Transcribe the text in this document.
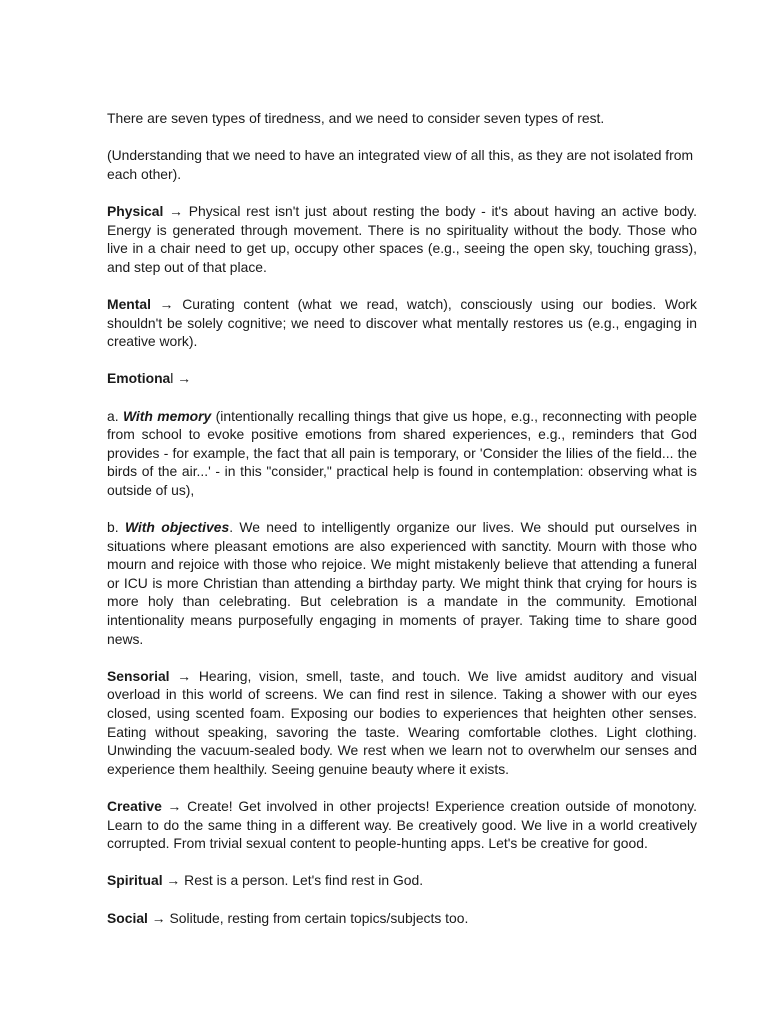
There are seven types of tiredness, and we need to consider seven types of rest.

(Understanding that we need to have an integrated view of all this, as they are not isolated from each other).

Physical → Physical rest isn't just about resting the body - it's about having an active body. Energy is generated through movement. There is no spirituality without the body. Those who live in a chair need to get up, occupy other spaces (e.g., seeing the open sky, touching grass), and step out of that place.

Mental → Curating content (what we read, watch), consciously using our bodies. Work shouldn't be solely cognitive; we need to discover what mentally restores us (e.g., engaging in creative work).

Emotional →

a. With memory (intentionally recalling things that give us hope, e.g., reconnecting with people from school to evoke positive emotions from shared experiences, e.g., reminders that God provides - for example, the fact that all pain is temporary, or 'Consider the lilies of the field... the birds of the air...' - in this "consider," practical help is found in contemplation: observing what is outside of us),

b. With objectives. We need to intelligently organize our lives. We should put ourselves in situations where pleasant emotions are also experienced with sanctity. Mourn with those who mourn and rejoice with those who rejoice. We might mistakenly believe that attending a funeral or ICU is more Christian than attending a birthday party. We might think that crying for hours is more holy than celebrating. But celebration is a mandate in the community. Emotional intentionality means purposefully engaging in moments of prayer. Taking time to share good news.

Sensorial → Hearing, vision, smell, taste, and touch. We live amidst auditory and visual overload in this world of screens. We can find rest in silence. Taking a shower with our eyes closed, using scented foam. Exposing our bodies to experiences that heighten other senses. Eating without speaking, savoring the taste. Wearing comfortable clothes. Light clothing. Unwinding the vacuum-sealed body. We rest when we learn not to overwhelm our senses and experience them healthily. Seeing genuine beauty where it exists.

Creative → Create! Get involved in other projects! Experience creation outside of monotony. Learn to do the same thing in a different way. Be creatively good. We live in a world creatively corrupted. From trivial sexual content to people-hunting apps. Let's be creative for good.

Spiritual → Rest is a person. Let's find rest in God.

Social → Solitude, resting from certain topics/subjects too.
